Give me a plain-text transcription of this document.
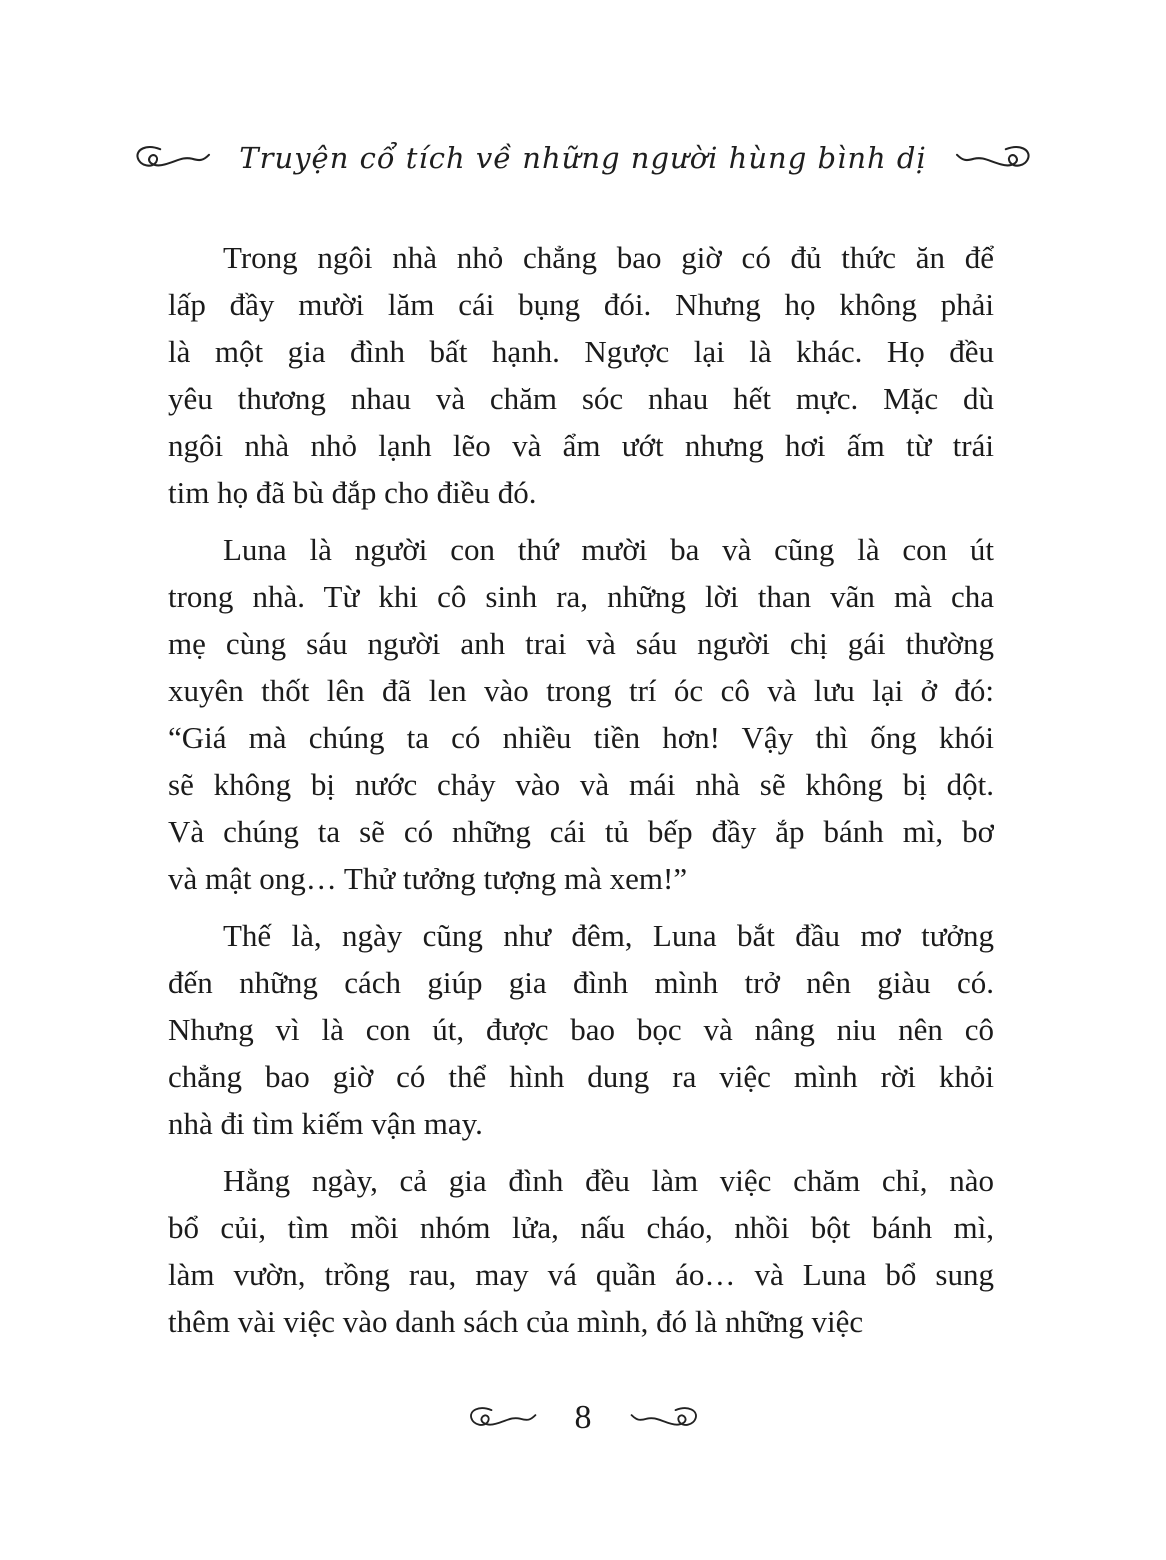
Truyện cổ tích về những người hùng bình dị

Trong ngôi nhà nhỏ chẳng bao giờ có đủ thức ăn để
lấp đầy mười lăm cái bụng đói. Nhưng họ không phải
là một gia đình bất hạnh. Ngược lại là khác. Họ đều
yêu thương nhau và chăm sóc nhau hết mực. Mặc dù
ngôi nhà nhỏ lạnh lẽo và ẩm ướt nhưng hơi ấm từ trái
tim họ đã bù đắp cho điều đó.

Luna là người con thứ mười ba và cũng là con út
trong nhà. Từ khi cô sinh ra, những lời than vãn mà cha
mẹ cùng sáu người anh trai và sáu người chị gái thường
xuyên thốt lên đã len vào trong trí óc cô và lưu lại ở đó:
“Giá mà chúng ta có nhiều tiền hơn! Vậy thì ống khói
sẽ không bị nước chảy vào và mái nhà sẽ không bị dột.
Và chúng ta sẽ có những cái tủ bếp đầy ắp bánh mì, bơ
và mật ong… Thử tưởng tượng mà xem!”

Thế là, ngày cũng như đêm, Luna bắt đầu mơ tưởng
đến những cách giúp gia đình mình trở nên giàu có.
Nhưng vì là con út, được bao bọc và nâng niu nên cô
chẳng bao giờ có thể hình dung ra việc mình rời khỏi
nhà đi tìm kiếm vận may.

Hằng ngày, cả gia đình đều làm việc chăm chỉ, nào
bổ củi, tìm mồi nhóm lửa, nấu cháo, nhồi bột bánh mì,
làm vườn, trồng rau, may vá quần áo… và Luna bổ sung
thêm vài việc vào danh sách của mình, đó là những việc

8
